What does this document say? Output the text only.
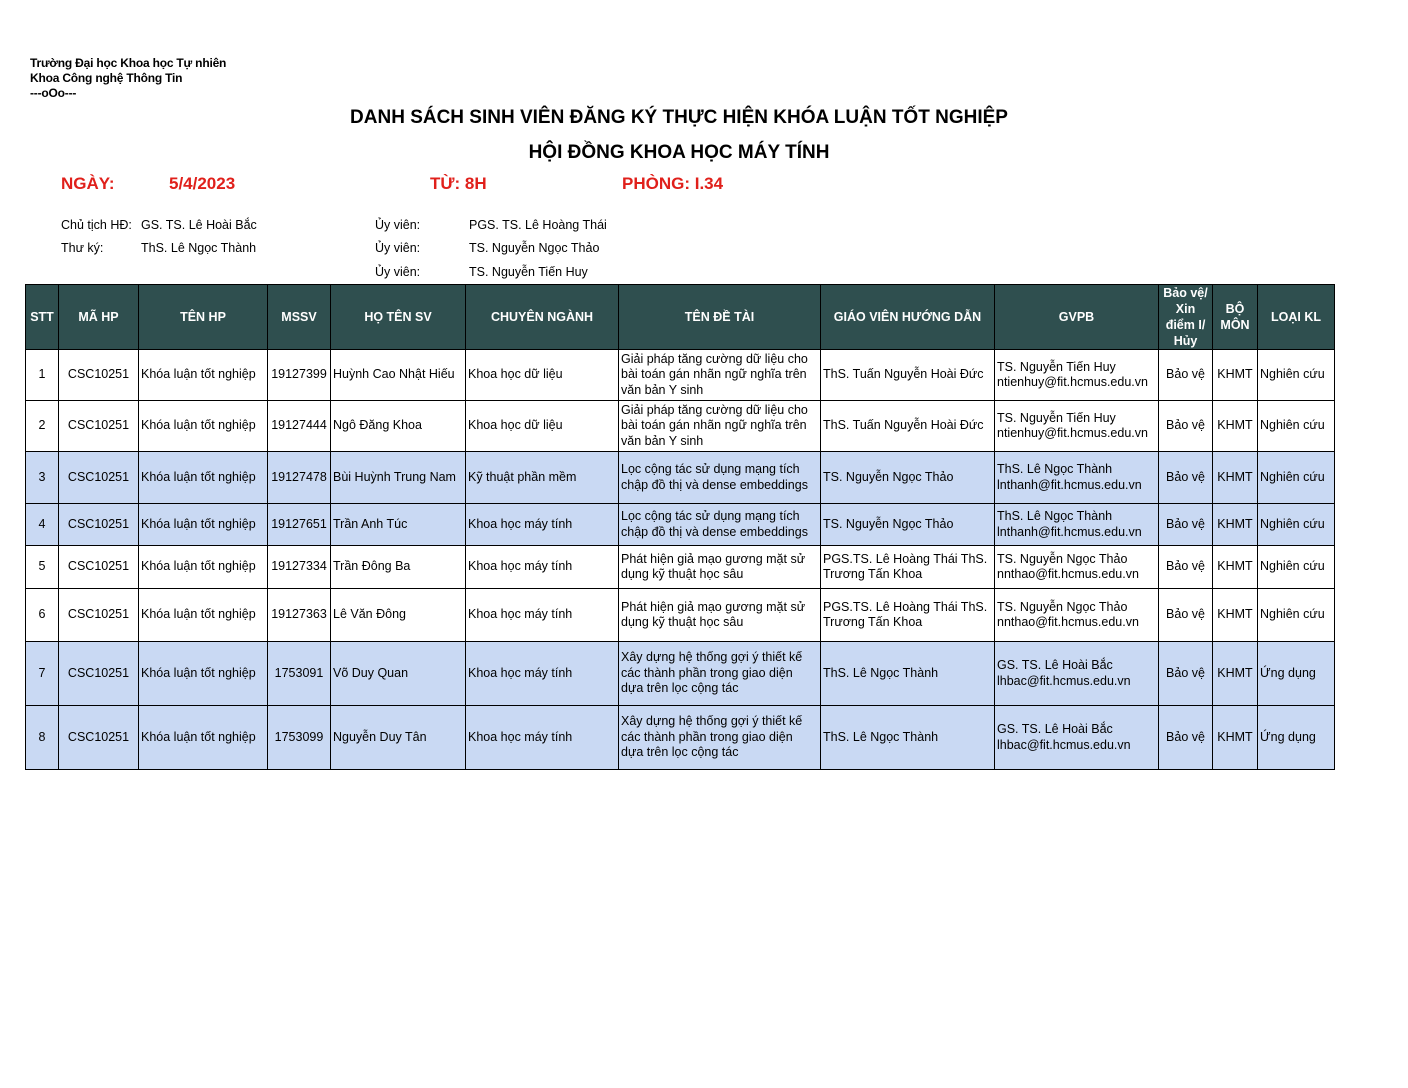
Trường Đại học Khoa học Tự nhiên
Khoa Công nghệ Thông Tin
---oOo---
DANH SÁCH SINH VIÊN ĐĂNG KÝ THỰC HIỆN KHÓA LUẬN TỐT NGHIỆP
HỘI ĐỒNG KHOA HỌC MÁY TÍNH
NGÀY:	5/4/2023	TỪ: 8H	PHÒNG: I.34
Chủ tịch HĐ: GS. TS. Lê Hoài Bắc
Thư ký:	ThS. Lê Ngọc Thành
Ủy viên:	PGS. TS. Lê Hoàng Thái
Ủy viên:	TS. Nguyễn Ngọc Thảo
Ủy viên:	TS. Nguyễn Tiến Huy
STT	MÃ HP	TÊN HP	MSSV	HỌ TÊN SV	CHUYÊN NGÀNH	TÊN ĐỀ TÀI	GIÁO VIÊN HƯỚNG DẪN	GVPB	Bảo vệ/ Xin điểm I/ Hủy	BỘ MÔN	LOẠI KL
1	CSC10251	Khóa luận tốt nghiệp	19127399	Huỳnh Cao Nhật Hiếu	Khoa học dữ liệu	Giải pháp tăng cường dữ liệu cho bài toán gán nhãn ngữ nghĩa trên văn bản Y sinh	ThS. Tuấn Nguyễn Hoài Đức	TS. Nguyễn Tiến Huy ntienhuy@fit.hcmus.edu.vn	Bảo vệ	KHMT	Nghiên cứu
2	CSC10251	Khóa luận tốt nghiệp	19127444	Ngô Đăng Khoa	Khoa học dữ liệu	Giải pháp tăng cường dữ liệu cho bài toán gán nhãn ngữ nghĩa trên văn bản Y sinh	ThS. Tuấn Nguyễn Hoài Đức	TS. Nguyễn Tiến Huy ntienhuy@fit.hcmus.edu.vn	Bảo vệ	KHMT	Nghiên cứu
3	CSC10251	Khóa luận tốt nghiệp	19127478	Bùi Huỳnh Trung Nam	Kỹ thuật phần mềm	Lọc cộng tác sử dụng mạng tích chập đồ thị và dense embeddings	TS. Nguyễn Ngọc Thảo	ThS. Lê Ngọc Thành lnthanh@fit.hcmus.edu.vn	Bảo vệ	KHMT	Nghiên cứu
4	CSC10251	Khóa luận tốt nghiệp	19127651	Trần Anh Túc	Khoa học máy tính	Lọc cộng tác sử dụng mạng tích chập đồ thị và dense embeddings	TS. Nguyễn Ngọc Thảo	ThS. Lê Ngọc Thành lnthanh@fit.hcmus.edu.vn	Bảo vệ	KHMT	Nghiên cứu
5	CSC10251	Khóa luận tốt nghiệp	19127334	Trần Đông Ba	Khoa học máy tính	Phát hiện giả mạo gương mặt sử dụng kỹ thuật học sâu	PGS.TS. Lê Hoàng Thái ThS. Trương Tấn Khoa	TS. Nguyễn Ngọc Thảo nnthao@fit.hcmus.edu.vn	Bảo vệ	KHMT	Nghiên cứu
6	CSC10251	Khóa luận tốt nghiệp	19127363	Lê Văn Đông	Khoa học máy tính	Phát hiện giả mạo gương mặt sử dụng kỹ thuật học sâu	PGS.TS. Lê Hoàng Thái ThS. Trương Tấn Khoa	TS. Nguyễn Ngọc Thảo nnthao@fit.hcmus.edu.vn	Bảo vệ	KHMT	Nghiên cứu
7	CSC10251	Khóa luận tốt nghiệp	1753091	Võ Duy Quan	Khoa học máy tính	Xây dựng hệ thống gợi ý thiết kế các thành phần trong giao diện dựa trên lọc cộng tác	ThS. Lê Ngọc Thành	GS. TS. Lê Hoài Bắc lhbac@fit.hcmus.edu.vn	Bảo vệ	KHMT	Ứng dụng
8	CSC10251	Khóa luận tốt nghiệp	1753099	Nguyễn Duy Tân	Khoa học máy tính	Xây dựng hệ thống gợi ý thiết kế các thành phần trong giao diện dựa trên lọc cộng tác	ThS. Lê Ngọc Thành	GS. TS. Lê Hoài Bắc lhbac@fit.hcmus.edu.vn	Bảo vệ	KHMT	Ứng dụng
